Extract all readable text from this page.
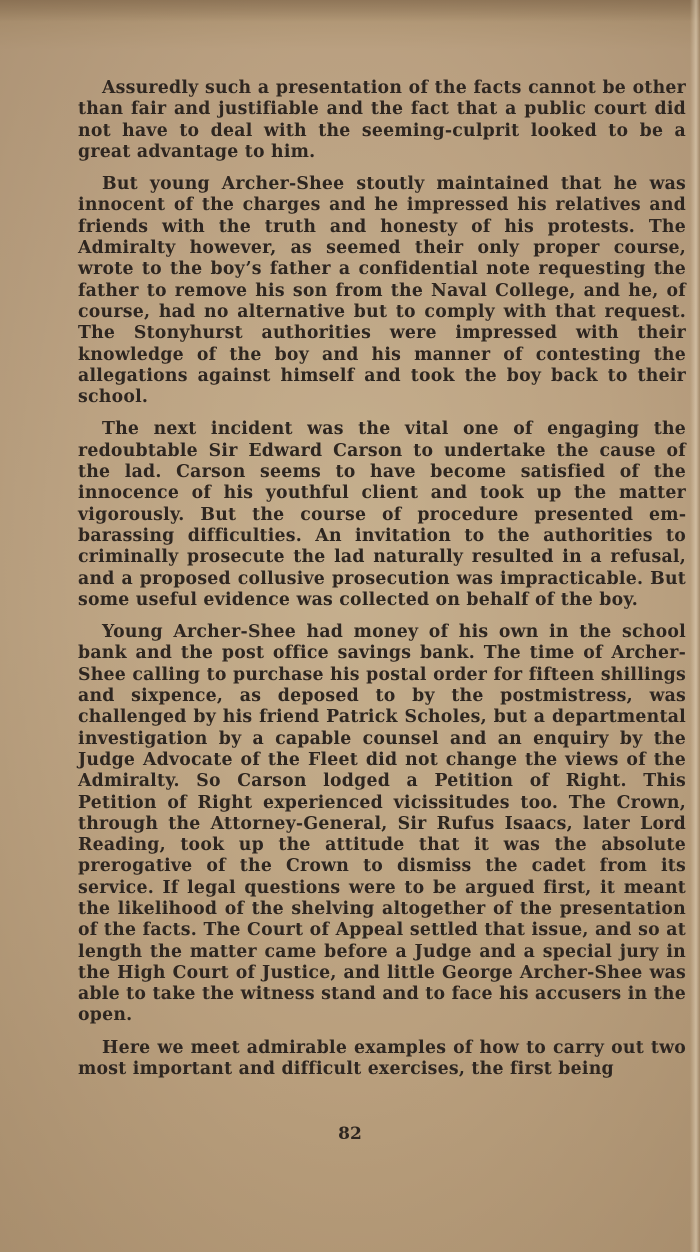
Assuredly such a presentation of the facts cannot be other than fair and justifiable and the fact that a public court did not have to deal with the seeming-culprit looked to be a great advantage to him.

But young Archer-Shee stoutly maintained that he was innocent of the charges and he impressed his relatives and friends with the truth and honesty of his protests. The Admiralty however, as seemed their only proper course, wrote to the boy’s father a confidential note requesting the father to remove his son from the Naval College, and he, of course, had no alternative but to comply with that request. The Stonyhurst authorities were impressed with their knowledge of the boy and his manner of contesting the allegations against himself and took the boy back to their school.

The next incident was the vital one of engaging the redoubtable Sir Edward Carson to undertake the cause of the lad. Carson seems to have become satisfied of the innocence of his youthful client and took up the matter vigorously. But the course of procedure presented embarassing difficulties. An invitation to the authorities to criminally prosecute the lad naturally resulted in a refusal, and a proposed collusive prosecution was impracticable. But some useful evidence was collected on behalf of the boy.

Young Archer-Shee had money of his own in the school bank and the post office savings bank. The time of Archer-Shee calling to purchase his postal order for fifteen shillings and sixpence, as deposed to by the postmistress, was challenged by his friend Patrick Scholes, but a departmental investigation by a capable counsel and an enquiry by the Judge Advocate of the Fleet did not change the views of the Admiralty. So Carson lodged a Petition of Right. This Petition of Right experienced vicissitudes too. The Crown, through the Attorney-General, Sir Rufus Isaacs, later Lord Reading, took up the attitude that it was the absolute prerogative of the Crown to dismiss the cadet from its service. If legal questions were to be argued first, it meant the likelihood of the shelving altogether of the presentation of the facts. The Court of Appeal settled that issue, and so at length the matter came before a Judge and a special jury in the High Court of Justice, and little George Archer-Shee was able to take the witness stand and to face his accusers in the open.

Here we meet admirable examples of how to carry out two most important and difficult exercises, the first being

82
